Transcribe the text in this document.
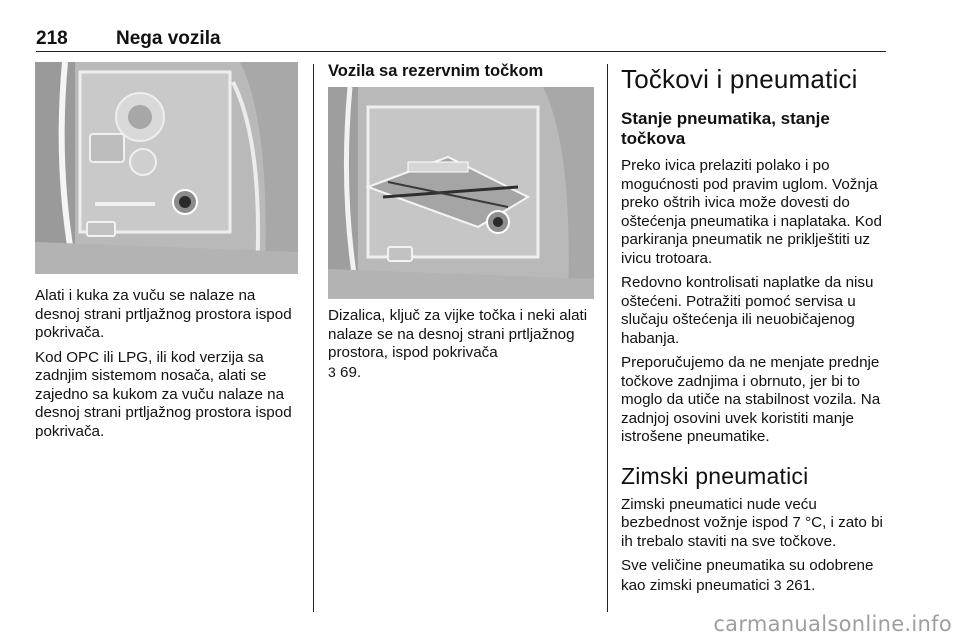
218	Nega vozila

Alati i kuka za vuču se nalaze na desnoj strani prtljažnog prostora ispod pokrivača.

Kod OPC ili LPG, ili kod verzija sa zadnjim sistemom nosača, alati se zajedno sa kukom za vuču nalaze na desnoj strani prtljažnog prostora ispod pokrivača.

Vozila sa rezervnim točkom

Dizalica, ključ za vijke točka i neki alati nalaze se na desnoj strani prtljažnog prostora, ispod pokrivača
3 69.

Točkovi i pneumatici
Stanje pneumatika, stanje točkova

Preko ivica prelaziti polako i po mogućnosti pod pravim uglom. Vožnja preko oštrih ivica može dovesti do oštećenja pneumatika i naplataka. Kod parkiranja pneumatik ne priklještiti uz ivicu trotoara.

Redovno kontrolisati naplatke da nisu oštećeni. Potražiti pomoć servisa u slučaju oštećenja ili neuobičajenog habanja.

Preporučujemo da ne menjate prednje točkove zadnjima i obrnuto, jer bi to moglo da utiče na stabilnost vozila. Na zadnjoj osovini uvek koristiti manje istrošene pneumatike.

Zimski pneumatici

Zimski pneumatici nude veću bezbednost vožnje ispod 7 °C, i zato bi ih trebalo staviti na sve točkove.

Sve veličine pneumatika su odobrene kao zimski pneumatici 3 261.

carmanualsonline.info
